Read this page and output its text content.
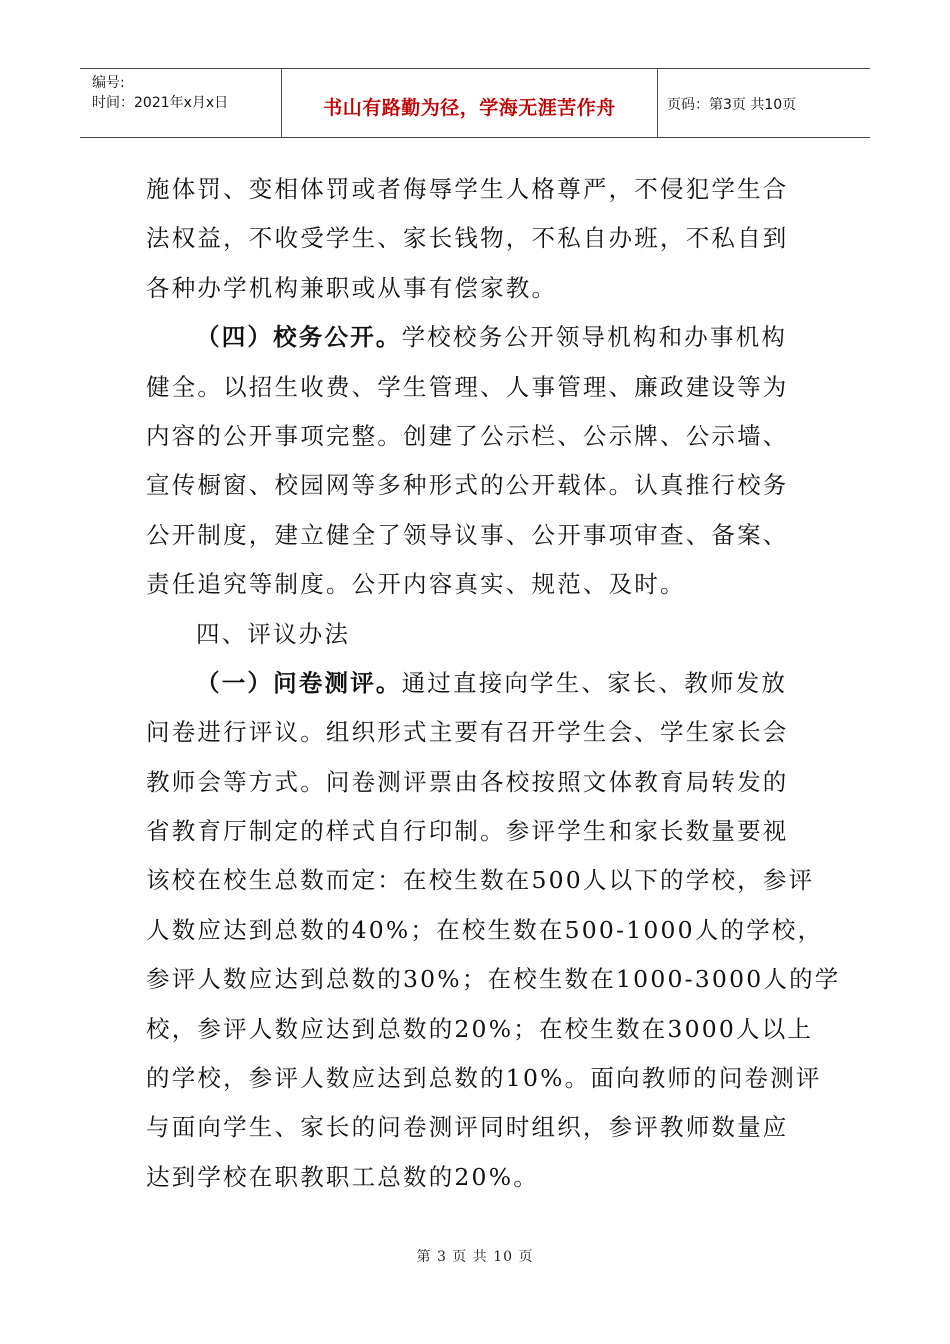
编号:
时间：2021年x月x日	书山有路勤为径，学海无涯苦作舟	页码：第3页 共10页
施体罚、变相体罚或者侮辱学生人格尊严，不侵犯学生合
法权益，不收受学生、家长钱物，不私自办班，不私自到
各种办学机构兼职或从事有偿家教。
（四）校务公开。学校校务公开领导机构和办事机构
健全。以招生收费、学生管理、人事管理、廉政建设等为
内容的公开事项完整。创建了公示栏、公示牌、公示墙、
宣传橱窗、校园网等多种形式的公开载体。认真推行校务
公开制度，建立健全了领导议事、公开事项审查、备案、
责任追究等制度。公开内容真实、规范、及时。
四、评议办法
（一）问卷测评。通过直接向学生、家长、教师发放
问卷进行评议。组织形式主要有召开学生会、学生家长会
教师会等方式。问卷测评票由各校按照文体教育局转发的
省教育厅制定的样式自行印制。参评学生和家长数量要视
该校在校生总数而定：在校生数在500人以下的学校，参评
人数应达到总数的40%；在校生数在500-1000人的学校，
参评人数应达到总数的30%；在校生数在1000-3000人的学
校，参评人数应达到总数的20%；在校生数在3000人以上
的学校，参评人数应达到总数的10%。面向教师的问卷测评
与面向学生、家长的问卷测评同时组织，参评教师数量应
达到学校在职教职工总数的20%。
第 3 页 共 10 页
